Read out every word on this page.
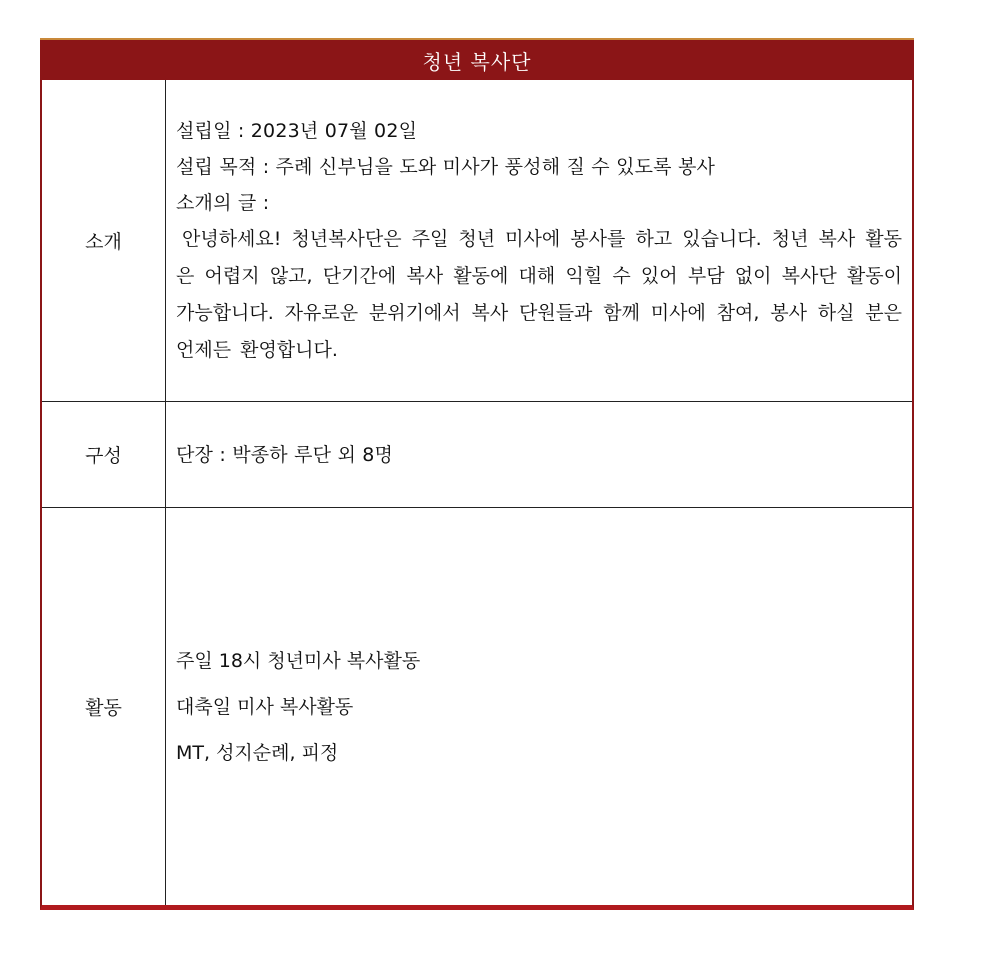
청년 복사단
소개
설립일 : 2023년 07월 02일
설립 목적 : 주례 신부님을 도와 미사가 풍성해 질 수 있도록 봉사
소개의 글 :
안녕하세요! 청년복사단은 주일 청년 미사에 봉사를 하고 있습니다. 청년 복사 활동은 어렵지 않고, 단기간에 복사 활동에 대해 익힐 수 있어 부담 없이 복사단 활동이 가능합니다. 자유로운 분위기에서 복사 단원들과 함께 미사에 참여, 봉사 하실 분은 언제든 환영합니다.
구성	단장 : 박종하 루단 외 8명
활동
주일 18시 청년미사 복사활동
대축일 미사 복사활동
MT, 성지순례, 피정
